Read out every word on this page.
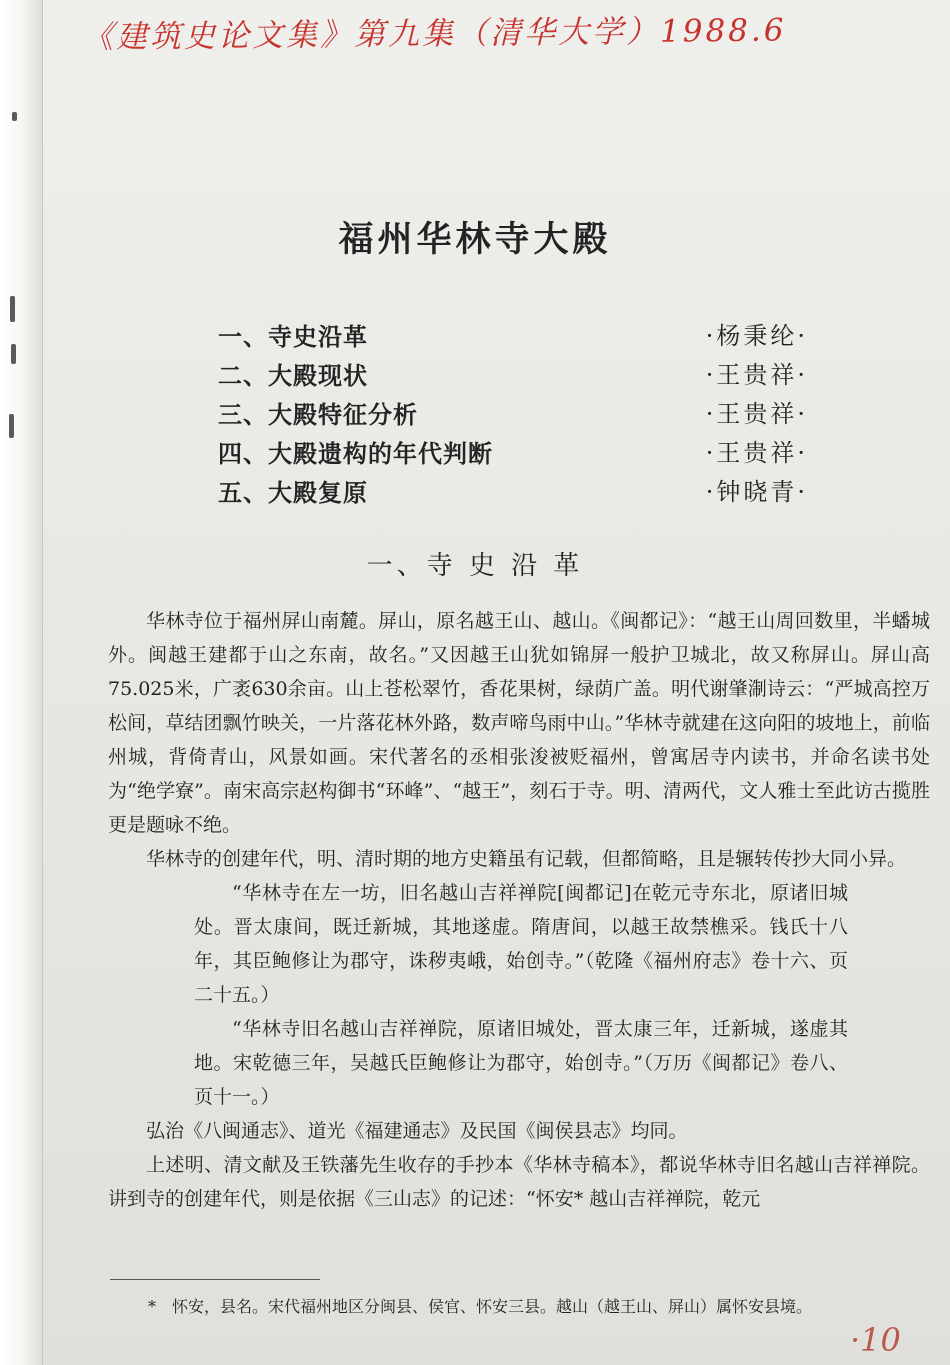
《建筑史论文集》第九集（清华大学）1988.6
福州华林寺大殿
一、寺史沿革	·杨秉纶·
二、大殿现状	·王贵祥·
三、大殿特征分析	·王贵祥·
四、大殿遗构的年代判断	·王贵祥·
五、大殿复原	·钟晓青·
一、寺 史 沿 革

华林寺位于福州屏山南麓。屏山，原名越王山、越山。《闽都记》：“越王山周回数里，半蟠城外。闽越王建都于山之东南，故名。”又因越王山犹如锦屏一般护卫城北，故又称屏山。屏山高75.025米，广袤630余亩。山上苍松翠竹，香花果树，绿荫广盖。明代谢肇淛诗云：“严城高控万松间，草结团飘竹映关，一片落花林外路，数声啼鸟雨中山。”华林寺就建在这向阳的坡地上，前临州城，背倚青山，风景如画。宋代著名的丞相张浚被贬福州，曾寓居寺内读书，并命名读书处为“绝学寮”。南宋高宗赵构御书“环峰”、“越王”，刻石于寺。明、清两代，文人雅士至此访古揽胜更是题咏不绝。

华林寺的创建年代，明、清时期的地方史籍虽有记载，但都简略，且是辗转传抄大同小异。

“华林寺在左一坊，旧名越山吉祥禅院[闽都记]在乾元寺东北，原诸旧城处。晋太康间，既迁新城，其地遂虚。隋唐间，以越王故禁樵采。钱氏十八年，其臣鲍修让为郡守，诛秽夷峨，始创寺。”（乾隆《福州府志》卷十六、页二十五。）
“华林寺旧名越山吉祥禅院，原诸旧城处，晋太康三年，迁新城，遂虚其地。宋乾德三年，吴越氏臣鲍修让为郡守，始创寺。”（万历《闽都记》卷八、页十一。）

弘治《八闽通志》、道光《福建通志》及民国《闽侯县志》均同。

上述明、清文献及王铁藩先生收存的手抄本《华林寺稿本》，都说华林寺旧名越山吉祥禅院。讲到寺的创建年代，则是依据《三山志》的记述：“怀安* 越山吉祥禅院，乾元

*　怀安，县名。宋代福州地区分闽县、侯官、怀安三县。越山（越王山、屏山）属怀安县境。
·10
